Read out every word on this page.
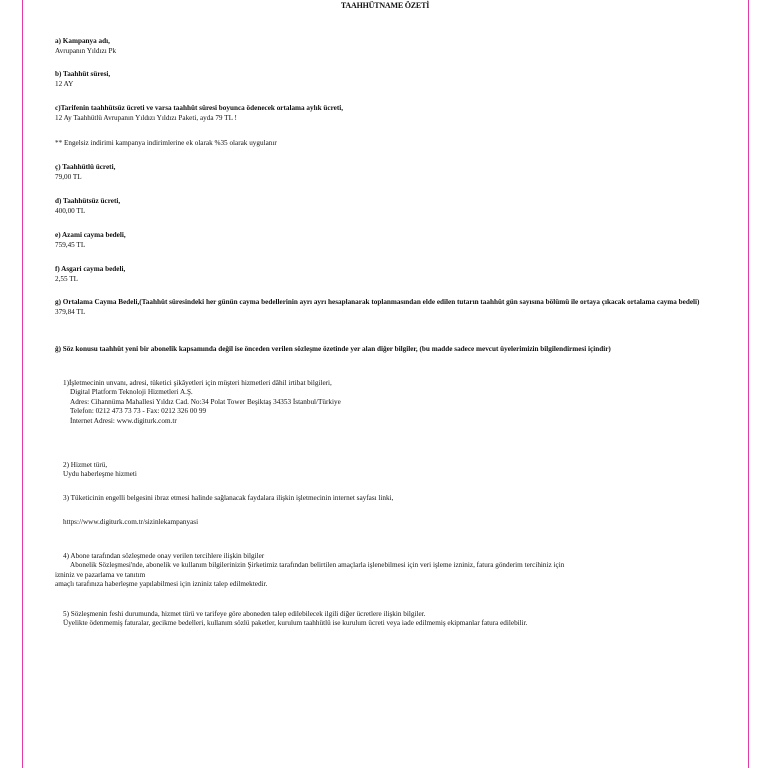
TAAHHÜTNAME ÖZETİ
a) Kampanya adı,
Avrupanın Yıldızı Pk
b) Taahhüt süresi,
12 AY
c)Tarifenin taahhütsüz ücreti ve varsa taahhüt süresi boyunca ödenecek ortalama aylık ücreti,
12 Ay Taahhütlü Avrupanın Yıldızı Yıldızı Paketi, ayda 79 TL !
** Engelsiz indirimi kampanya indirimlerine ek olarak %35 olarak uygulanır
ç) Taahhütlü ücreti,
79,00 TL
d) Taahhütsüz ücreti,
400,00 TL
e) Azami cayma bedeli,
759,45 TL
f) Asgari cayma bedeli,
2,55 TL
g) Ortalama Cayma Bedeli,(Taahhüt süresindeki her günün cayma bedellerinin ayrı ayrı hesaplanarak toplanmasından elde edilen tutarın taahhüt gün sayısına bölümü ile ortaya çıkacak ortalama cayma bedeli)
379,84 TL
ğ) Söz konusu taahhüt yeni bir abonelik kapsamında değil ise önceden verilen sözleşme özetinde yer alan diğer bilgiler, (bu madde sadece mevcut üyelerimizin bilgilendirmesi içindir)
1)İşletmecinin unvanı, adresi, tüketici şikâyetleri için müşteri hizmetleri dâhil irtibat bilgileri,
Digital Platform Teknoloji Hizmetleri A.Ş.
Adres: Cihannüma Mahallesi Yıldız Cad. No:34 Polat Tower Beşiktaş 34353 İstanbul/Türkiye
Telefon: 0212 473 73 73 - Fax: 0212 326 00 99
İnternet Adresi: www.digiturk.com.tr
2) Hizmet türü,
Uydu haberleşme hizmeti
3) Tüketicinin engelli belgesini ibraz etmesi halinde sağlanacak faydalara ilişkin işletmecinin internet sayfası linki,
https://www.digiturk.com.tr/sizinlekampanyasi
4) Abone tarafından sözleşmede onay verilen tercihlere ilişkin bilgiler
Abonelik Sözleşmesi'nde, abonelik ve kullanım bilgilerinizin Şirketimiz tarafından belirtilen amaçlarla işlenebilmesi için veri işleme izniniz, fatura gönderim tercihiniz için
izniniz ve pazarlama ve tanıtım
amaçlı tarafınıza haberleşme yapılabilmesi için izniniz talep edilmektedir.
5) Sözleşmenin feshi durumunda, hizmet türü ve tarifeye göre aboneden talep edilebilecek ilgili diğer ücretlere ilişkin bilgiler.
Üyelikte ödenmemiş faturalar, gecikme bedelleri, kullanım sözlü paketler, kurulum taahhütlü ise kurulum ücreti veya iade edilmemiş ekipmanlar fatura edilebilir.
